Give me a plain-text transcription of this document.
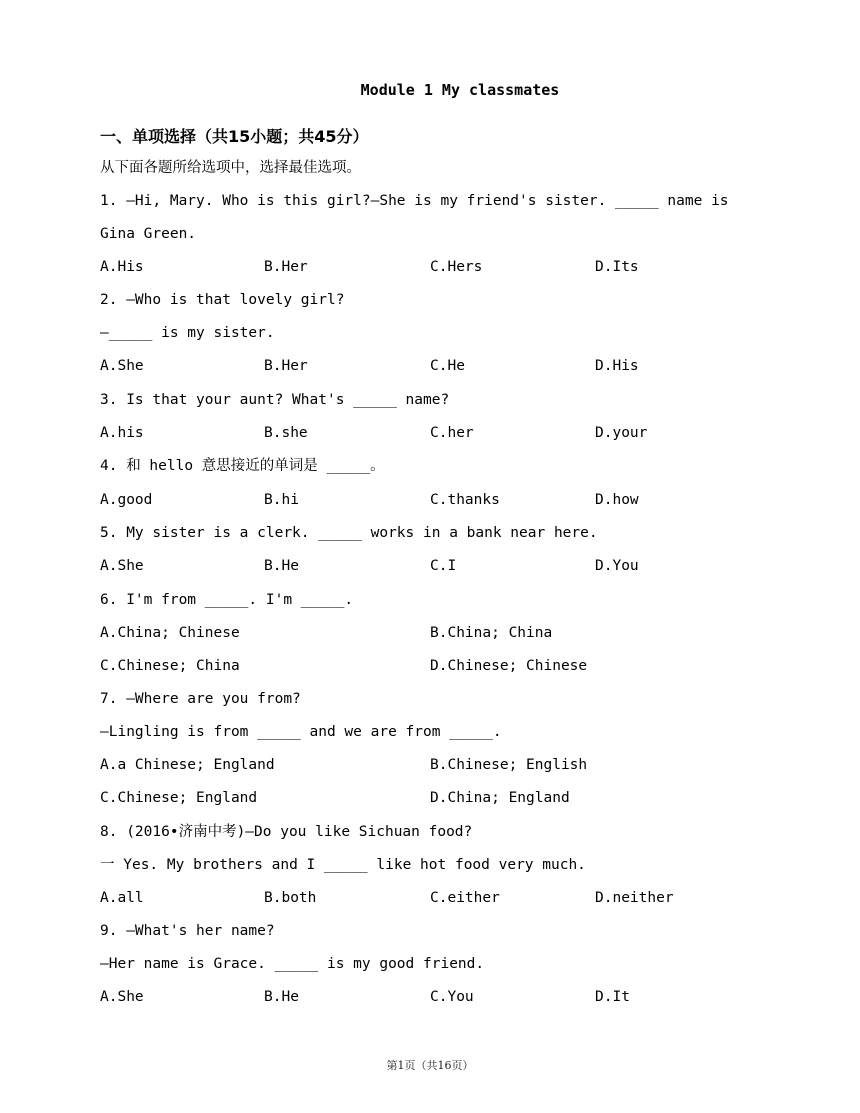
Module 1 My classmates
一、单项选择（共15小题；共45分）
从下面各题所给选项中，选择最佳选项。
1. —Hi, Mary. Who is this girl?—She is my friend's sister. _____ name is
Gina Green.
A.His	B.Her	C.Hers	D.Its
2. —Who is that lovely girl?
—_____ is my sister.
A.She	B.Her	C.He	D.His
3. Is that your aunt? What's _____ name?
A.his	B.she	C.her	D.your
4. 和 hello 意思接近的单词是 _____。
A.good	B.hi	C.thanks	D.how
5. My sister is a clerk. _____ works in a bank near here.
A.She	B.He	C.I	D.You
6. I'm from _____. I'm _____.
A.China; Chinese	B.China; China
C.Chinese; China	D.Chinese; Chinese
7. —Where are you from?
—Lingling is from _____ and we are from _____.
A.a Chinese; England	B.Chinese; English
C.Chinese; England	D.China; England
8. (2016•济南中考)—Do you like Sichuan food?
一 Yes. My brothers and I _____ like hot food very much.
A.all	B.both	C.either	D.neither
9. —What's her name?
—Her name is Grace. _____ is my good friend.
A.She	B.He	C.You	D.It
第1页（共16页）
